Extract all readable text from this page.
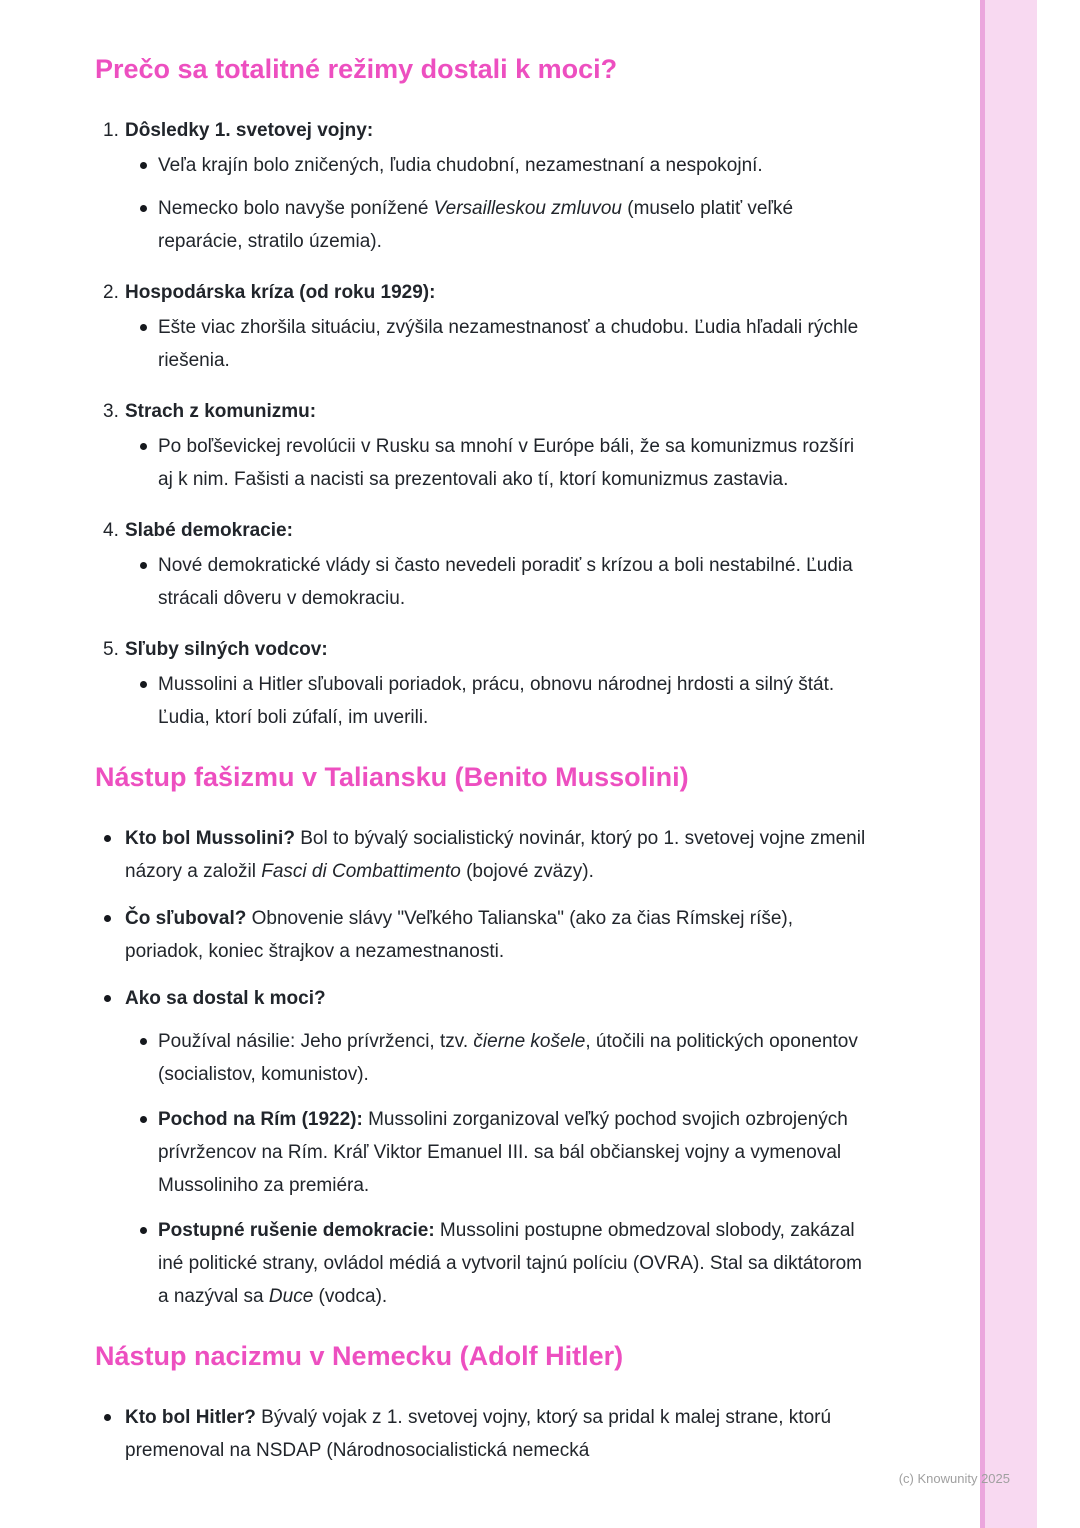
Prečo sa totalitné režimy dostali k moci?
1. Dôsledky 1. svetovej vojny:
Veľa krajín bolo zničených, ľudia chudobní, nezamestnaní a nespokojní.
Nemecko bolo navyše ponížené Versailleskou zmluvou (muselo platiť veľké reparácie, stratilo územia).
2. Hospodárska kríza (od roku 1929):
Ešte viac zhoršila situáciu, zvýšila nezamestnanosť a chudobu. Ľudia hľadali rýchle riešenia.
3. Strach z komunizmu:
Po boľševickej revolúcii v Rusku sa mnohí v Európe báli, že sa komunizmus rozšíri aj k nim. Fašisti a nacisti sa prezentovali ako tí, ktorí komunizmus zastavia.
4. Slabé demokracie:
Nové demokratické vlády si často nevedeli poradiť s krízou a boli nestabilné. Ľudia strácali dôveru v demokraciu.
5. Sľuby silných vodcov:
Mussolini a Hitler sľubovali poriadok, prácu, obnovu národnej hrdosti a silný štát. Ľudia, ktorí boli zúfalí, im uverili.
Nástup fašizmu v Taliansku (Benito Mussolini)
Kto bol Mussolini? Bol to bývalý socialistický novinár, ktorý po 1. svetovej vojne zmenil názory a založil Fasci di Combattimento (bojové zväzy).
Čo sľuboval? Obnovenie slávy "Veľkého Talianska" (ako za čias Rímskej ríše), poriadok, koniec štrajkov a nezamestnanosti.
Ako sa dostal k moci?
Používal násilie: Jeho prívrženci, tzv. čierne košele, útočili na politických oponentov (socialistov, komunistov).
Pochod na Rím (1922): Mussolini zorganizoval veľký pochod svojich ozbrojených prívržencov na Rím. Kráľ Viktor Emanuel III. sa bál občianskej vojny a vymenoval Mussoliniho za premiéra.
Postupné rušenie demokracie: Mussolini postupne obmedzoval slobody, zakázal iné politické strany, ovládol médiá a vytvoril tajnú políciu (OVRA). Stal sa diktátorom a nazýval sa Duce (vodca).
Nástup nacizmu v Nemecku (Adolf Hitler)
Kto bol Hitler? Bývalý vojak z 1. svetovej vojny, ktorý sa pridal k malej strane, ktorú premenoval na NSDAP (Národnosocialistická nemecká
(c) Knowunity 2025
